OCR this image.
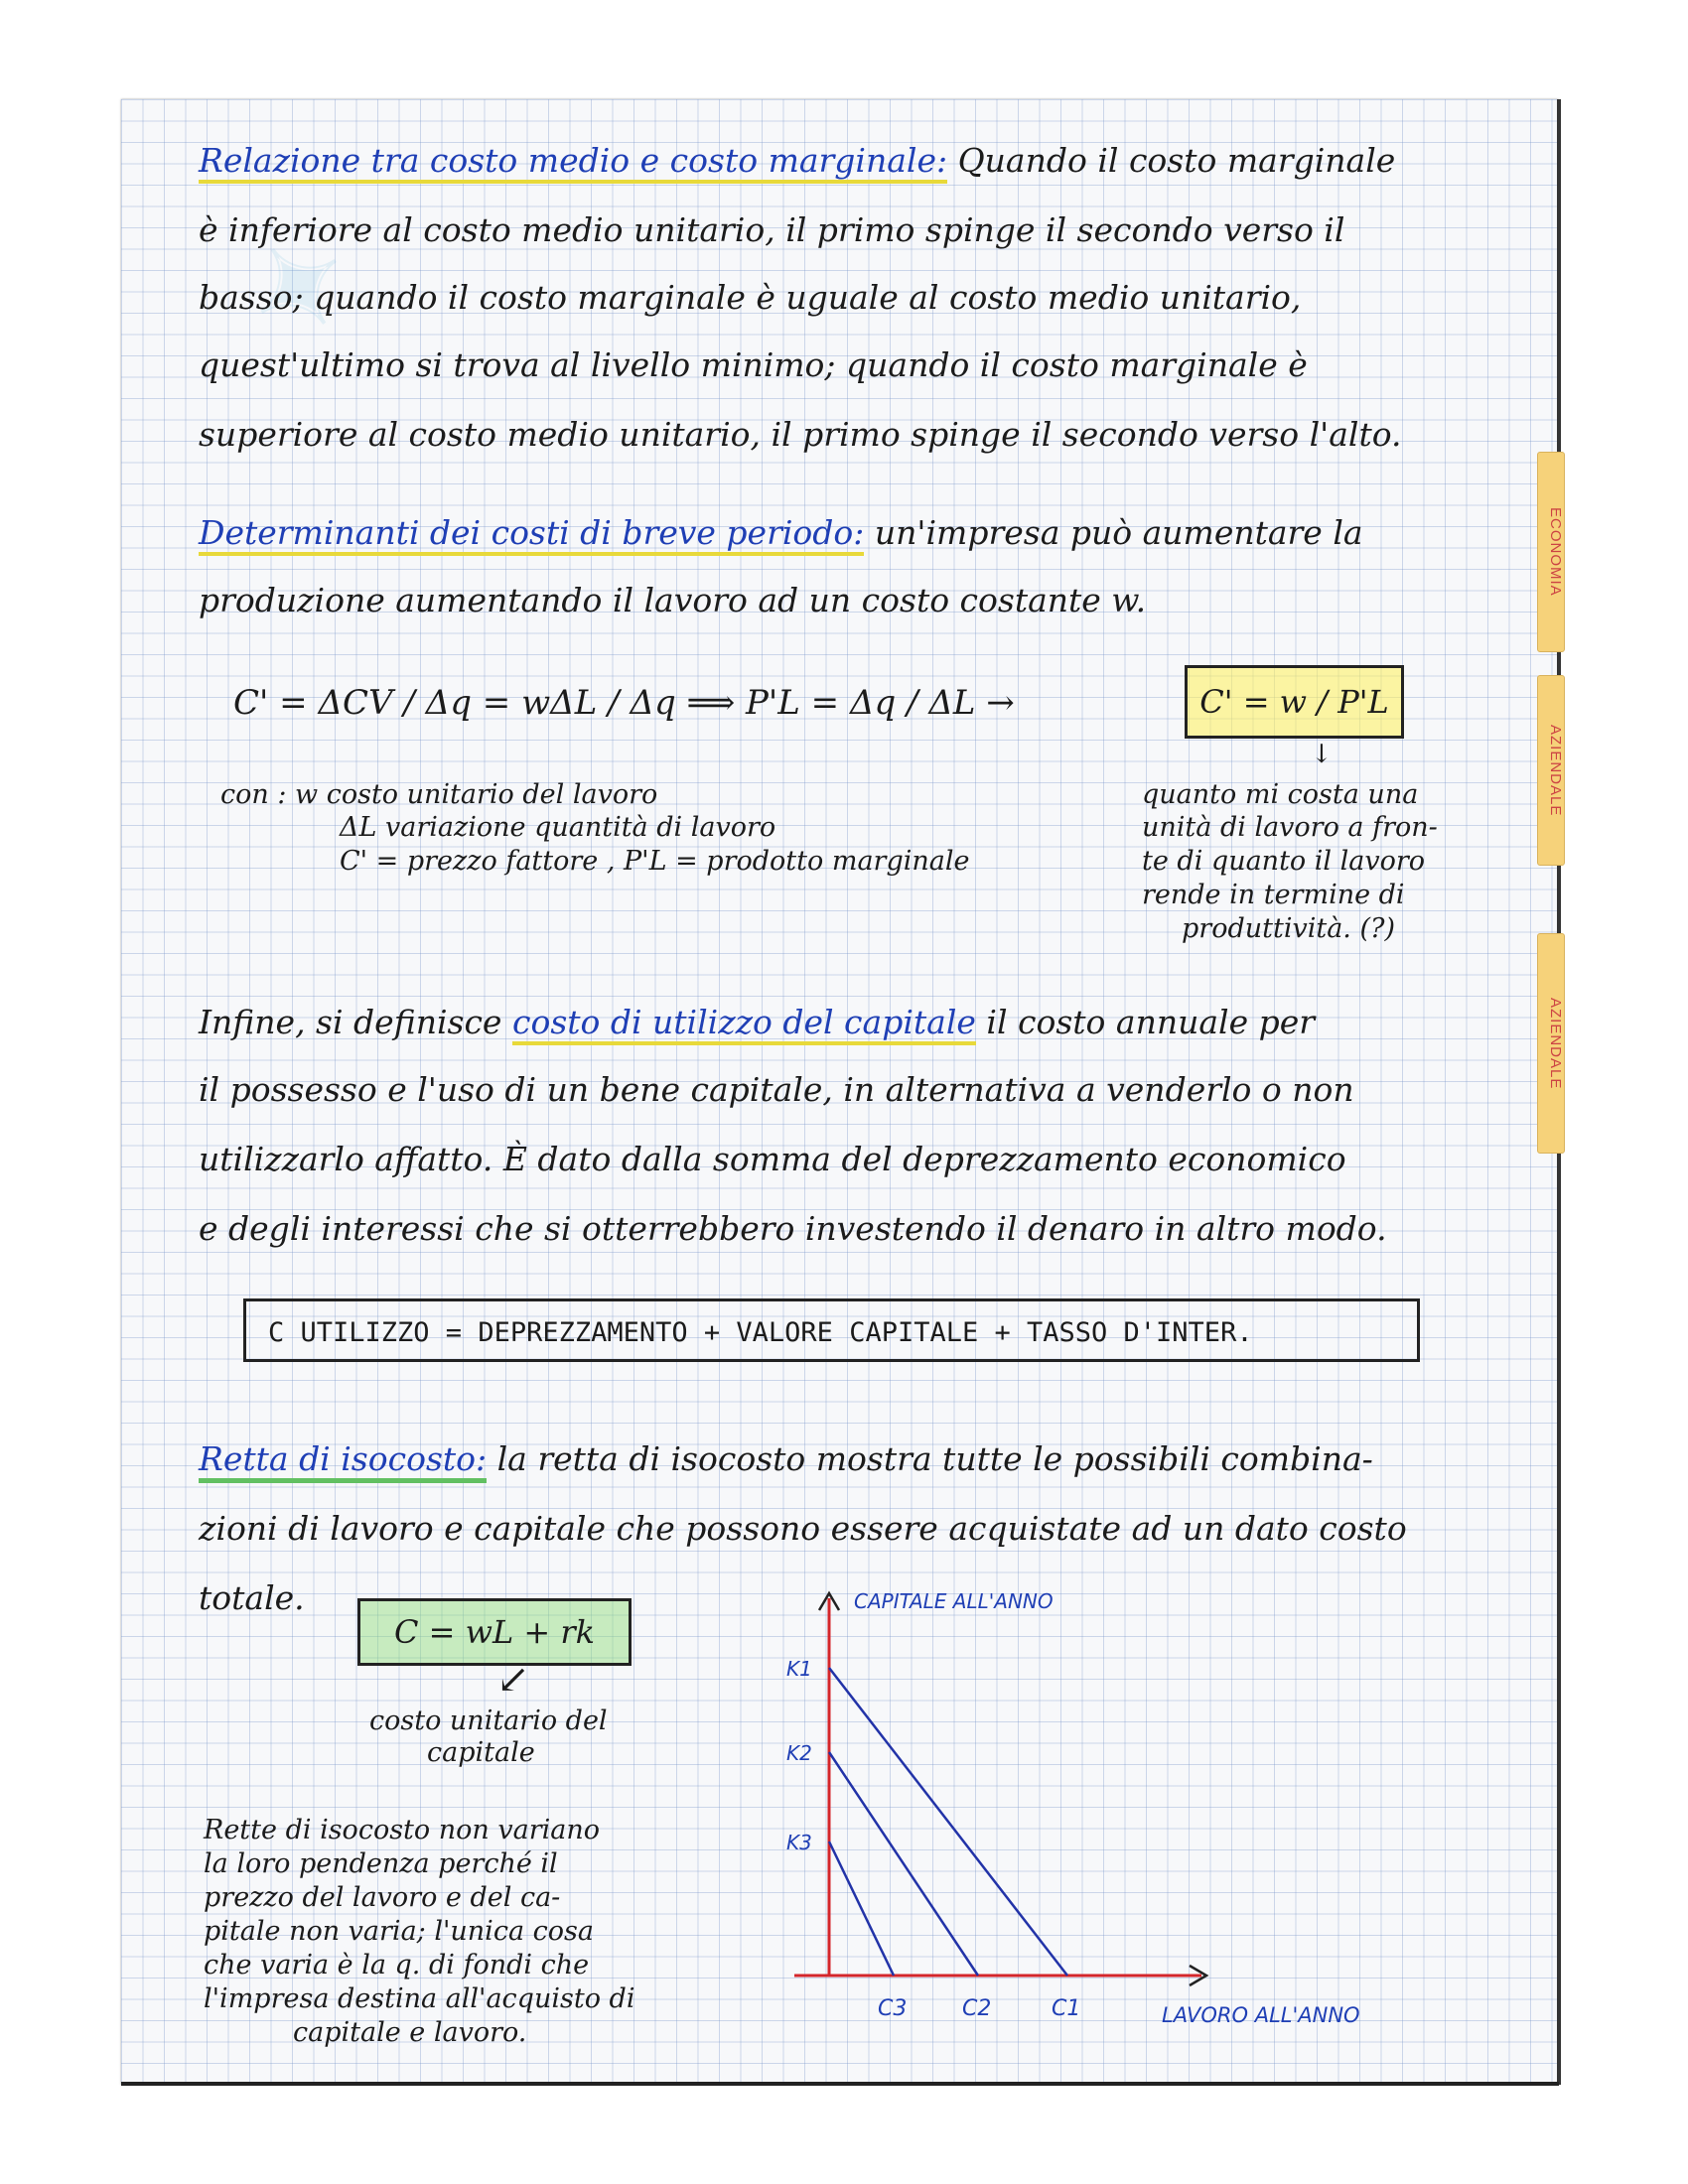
✦
ECONOMIA
AZIENDALE
AZIENDALE
Relazione tra costo medio e costo marginale: Quando il costo marginale
è inferiore al costo medio unitario, il primo spinge il secondo verso il
basso; quando il costo marginale è uguale al costo medio unitario,
quest'ultimo si trova al livello minimo; quando il costo marginale è
superiore al costo medio unitario, il primo spinge il secondo verso l'alto.
Determinanti dei costi di breve periodo: un'impresa può aumentare la
produzione aumentando il lavoro ad un costo costante w.
C' = ΔCV / Δq = wΔL / Δq ⟹ P'L = Δq / ΔL →	C' = w / P'L
con : w costo unitario del lavoro
ΔL variazione quantità di lavoro
C' = prezzo fattore , P'L = prodotto marginale
↓
quanto mi costa una
unità di lavoro a fron-
te di quanto il lavoro
rende in termine di
produttività. (?)
Infine, si definisce costo di utilizzo del capitale il costo annuale per
il possesso e l'uso di un bene capitale, in alternativa a venderlo o non
utilizzarlo affatto. È dato dalla somma del deprezzamento economico
e degli interessi che si otterrebbero investendo il denaro in altro modo.
C UTILIZZO = DEPREZZAMENTO + VALORE CAPITALE + TASSO D'INTER.
Retta di isocosto: la retta di isocosto mostra tutte le possibili combina-
zioni di lavoro e capitale che possono essere acquistate ad un dato costo
totale.
C = wL + rk
↙
costo unitario del
capitale
Rette di isocosto non variano
la loro pendenza perché il
prezzo del lavoro e del ca-
pitale non varia; l'unica cosa
che varia è la q. di fondi che
l'impresa destina all'acquisto di
capitale e lavoro.
CAPITALE ALL'ANNO
LAVORO ALL'ANNO
K1
K2
K3
C3	C2	C1
